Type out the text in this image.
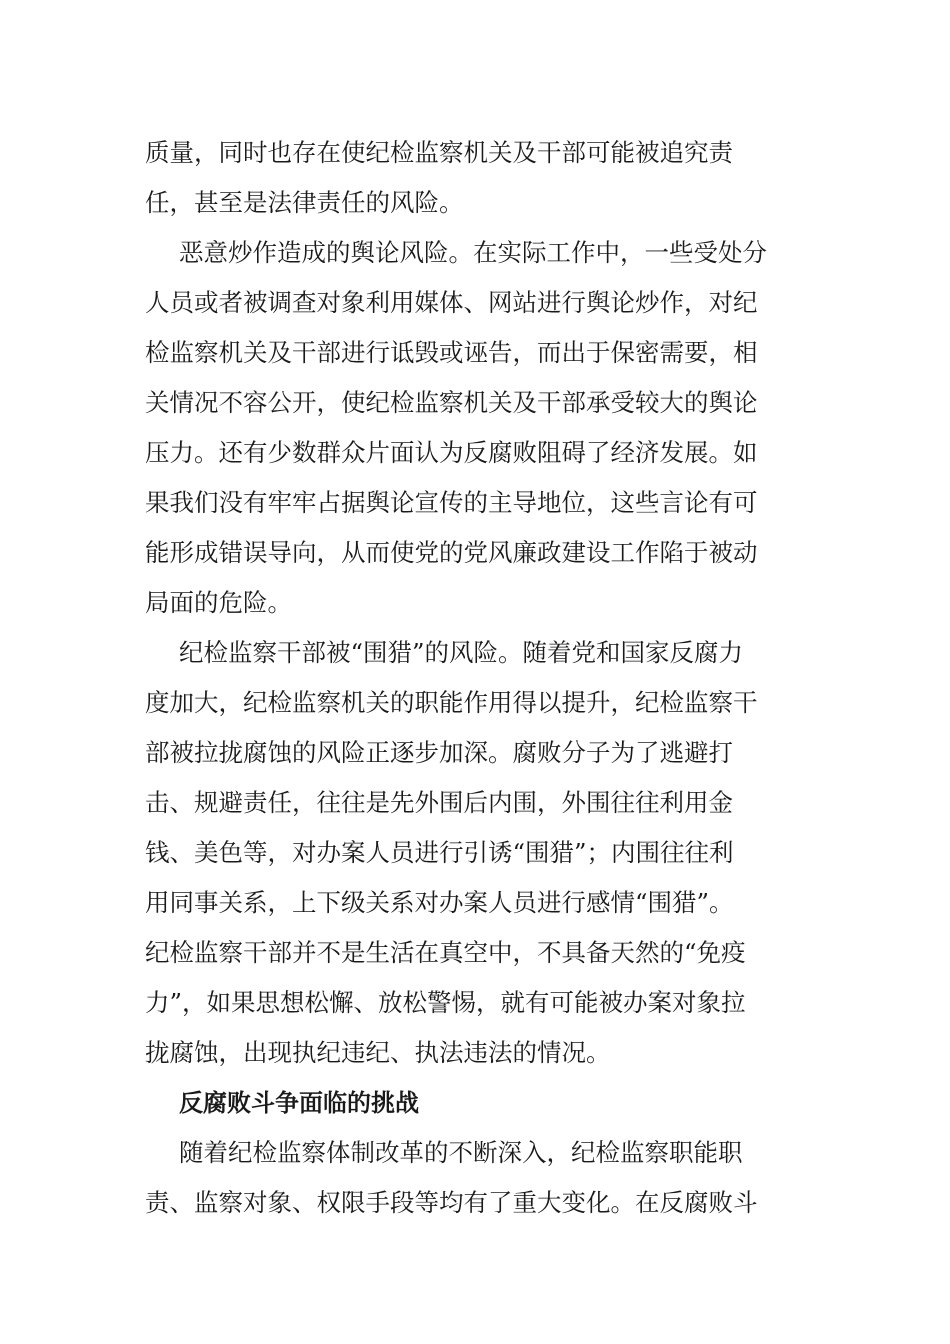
质量，同时也存在使纪检监察机关及干部可能被追究责
任，甚至是法律责任的风险。
恶意炒作造成的舆论风险。在实际工作中，一些受处分
人员或者被调查对象利用媒体、网站进行舆论炒作，对纪
检监察机关及干部进行诋毁或诬告，而出于保密需要，相
关情况不容公开，使纪检监察机关及干部承受较大的舆论
压力。还有少数群众片面认为反腐败阻碍了经济发展。如
果我们没有牢牢占据舆论宣传的主导地位，这些言论有可
能形成错误导向，从而使党的党风廉政建设工作陷于被动
局面的危险。
纪检监察干部被“围猎”的风险。随着党和国家反腐力
度加大，纪检监察机关的职能作用得以提升，纪检监察干
部被拉拢腐蚀的风险正逐步加深。腐败分子为了逃避打
击、规避责任，往往是先外围后内围，外围往往利用金
钱、美色等，对办案人员进行引诱“围猎”；内围往往利
用同事关系，上下级关系对办案人员进行感情“围猎”。
纪检监察干部并不是生活在真空中，不具备天然的“免疫
力”，如果思想松懈、放松警惕，就有可能被办案对象拉
拢腐蚀，出现执纪违纪、执法违法的情况。
反腐败斗争面临的挑战
随着纪检监察体制改革的不断深入，纪检监察职能职
责、监察对象、权限手段等均有了重大变化。在反腐败斗
